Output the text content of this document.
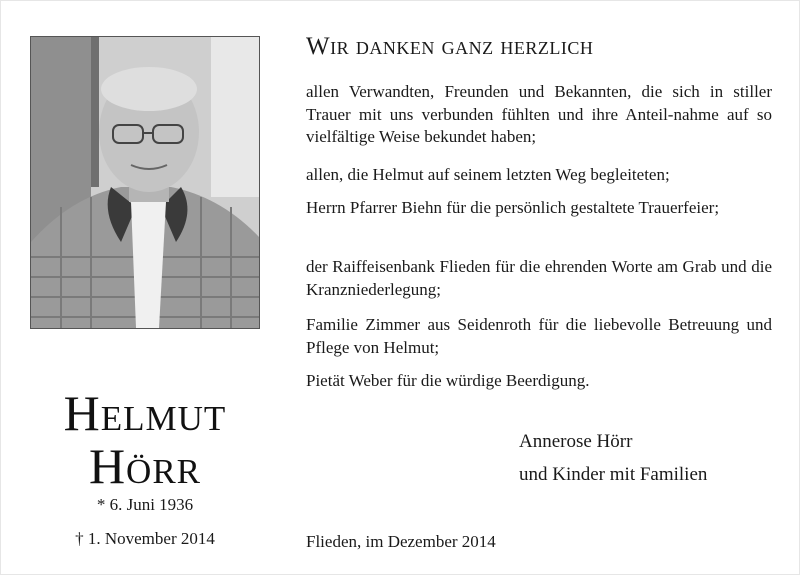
Helmut
Hörr
* 6. Juni 1936
† 1. November 2014
Wir danken ganz herzlich
allen Verwandten, Freunden und Bekannten, die sich in stiller Trauer mit uns verbunden fühlten und ihre Anteil-nahme auf so vielfältige Weise bekundet haben;
allen, die Helmut auf seinem letzten Weg begleiteten;
Herrn Pfarrer Biehn für die persönlich gestaltete Trauerfeier;
der Raiffeisenbank Flieden für die ehrenden Worte am Grab und die Kranzniederlegung;
Familie Zimmer aus Seidenroth für die liebevolle Betreuung und Pflege von Helmut;
Pietät Weber für die würdige Beerdigung.
Annerose Hörr
und Kinder mit Familien
Flieden, im Dezember 2014
